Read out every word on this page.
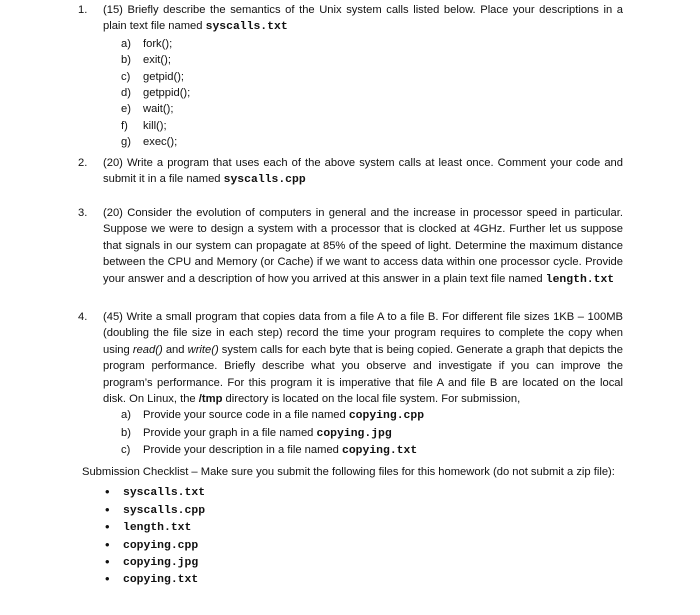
1. (15) Briefly describe the semantics of the Unix system calls listed below. Place your descriptions in a plain text file named syscalls.txt
a)	fork();
b)	exit();
c)	getpid();
d)	getppid();
e)	wait();
f)	kill();
g)	exec();
2. (20) Write a program that uses each of the above system calls at least once. Comment your code and submit it in a file named syscalls.cpp
3. (20) Consider the evolution of computers in general and the increase in processor speed in particular. Suppose we were to design a system with a processor that is clocked at 4GHz. Further let us suppose that signals in our system can propagate at 85% of the speed of light. Determine the maximum distance between the CPU and Memory (or Cache) if we want to access data within one processor cycle. Provide your answer and a description of how you arrived at this answer in a plain text file named length.txt
4. (45) Write a small program that copies data from a file A to a file B. For different file sizes 1KB – 100MB (doubling the file size in each step) record the time your program requires to complete the copy when using read() and write() system calls for each byte that is being copied. Generate a graph that depicts the program performance. Briefly describe what you observe and investigate if you can improve the program’s performance. For this program it is imperative that file A and file B are located on the local disk. On Linux, the /tmp directory is located on the local file system. For submission,
a)	Provide your source code in a file named copying.cpp
b)	Provide your graph in a file named copying.jpg
c)	Provide your description in a file named copying.txt
Submission Checklist – Make sure you submit the following files for this homework (do not submit a zip file):
• syscalls.txt
• syscalls.cpp
• length.txt
• copying.cpp
• copying.jpg
• copying.txt
